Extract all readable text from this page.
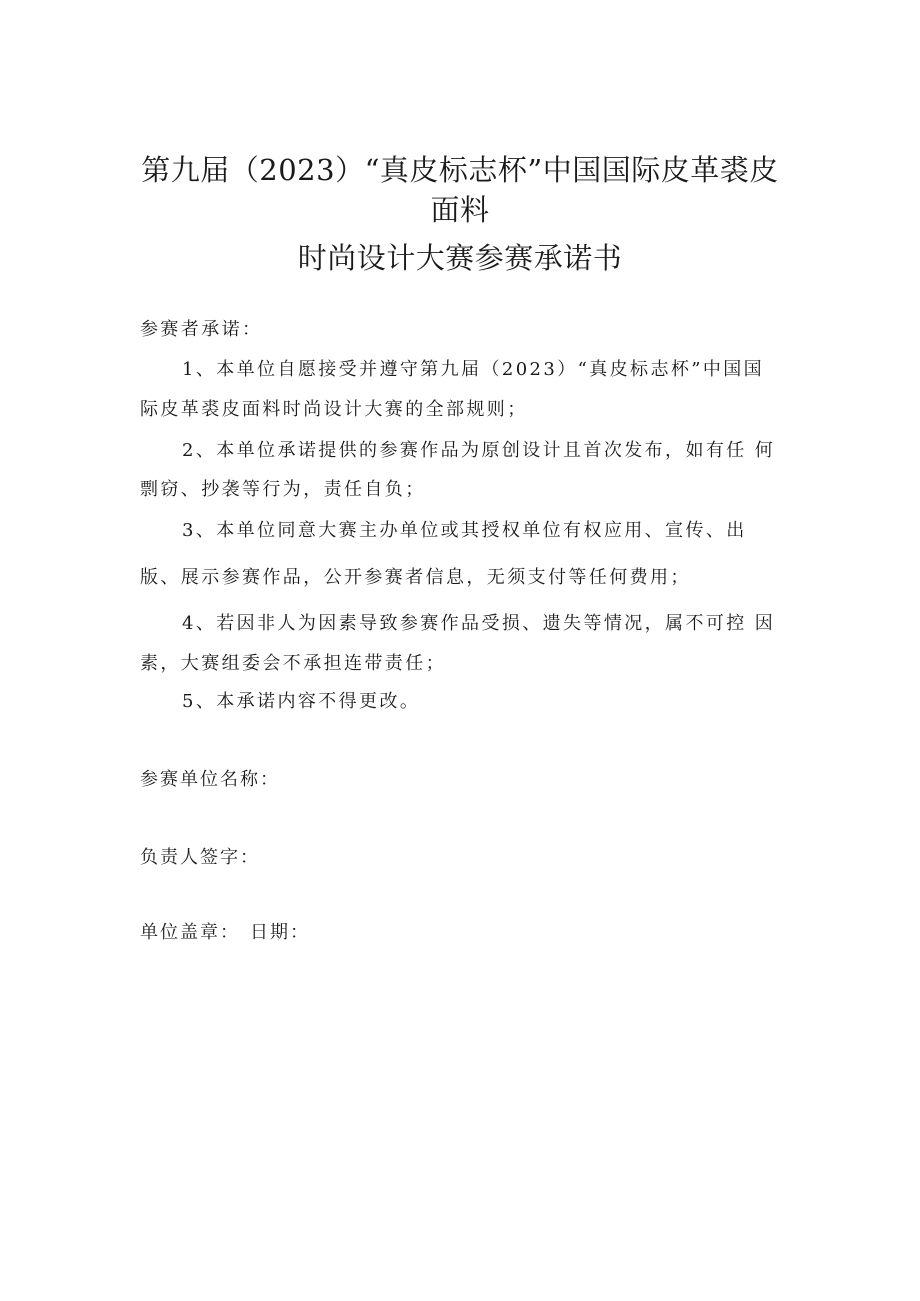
第九届（2023）“真皮标志杯”中国国际皮革裘皮
面料
时尚设计大赛参赛承诺书
参赛者承诺：
1、本单位自愿接受并遵守第九届（2023）“真皮标志杯”中国国
际皮革裘皮面料时尚设计大赛的全部规则；
2、本单位承诺提供的参赛作品为原创设计且首次发布，如有任 何
剽窃、抄袭等行为，责任自负；
3、本单位同意大赛主办单位或其授权单位有权应用、宣传、出
版、展示参赛作品，公开参赛者信息，无须支付等任何费用；
4、若因非人为因素导致参赛作品受损、遗失等情况，属不可控 因
素，大赛组委会不承担连带责任；
5、本承诺内容不得更改。
参赛单位名称：
负责人签字：
单位盖章： 日期：
